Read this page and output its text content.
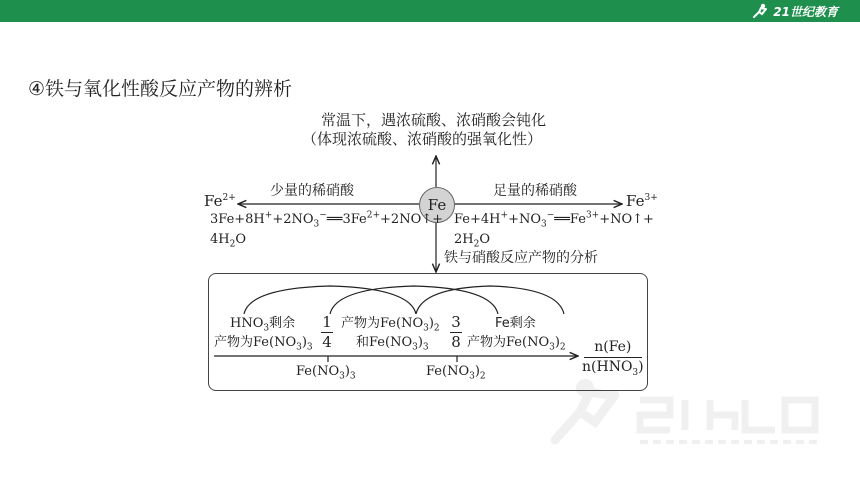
21世纪教育
④铁与氧化性酸反应产物的辨析
常温下，遇浓硫酸、浓硝酸会钝化
（体现浓硫酸、浓硝酸的强氧化性）
Fe
$Fe^{2+}$	$Fe^{3+}$
少量的稀硝酸	足量的稀硝酸
$3Fe+8H^++2NO_3^-══3Fe^{2+}+2NO↑+$
$4H_2O$
$Fe+4H^++NO_3^-══Fe^{3+}+NO↑+$
$2H_2O$
铁与硝酸反应产物的分析
$HNO_3$剩余
产物为$Fe(NO_3)_3$
1
4
产物为$Fe(NO_3)_2$
和$Fe(NO_3)_3$
3
8
Fe剩余
产物为$Fe(NO_3)_2$ n(Fe)
$n(HNO_3)$
$Fe(NO_3)_3$	$Fe(NO_3)_2$
